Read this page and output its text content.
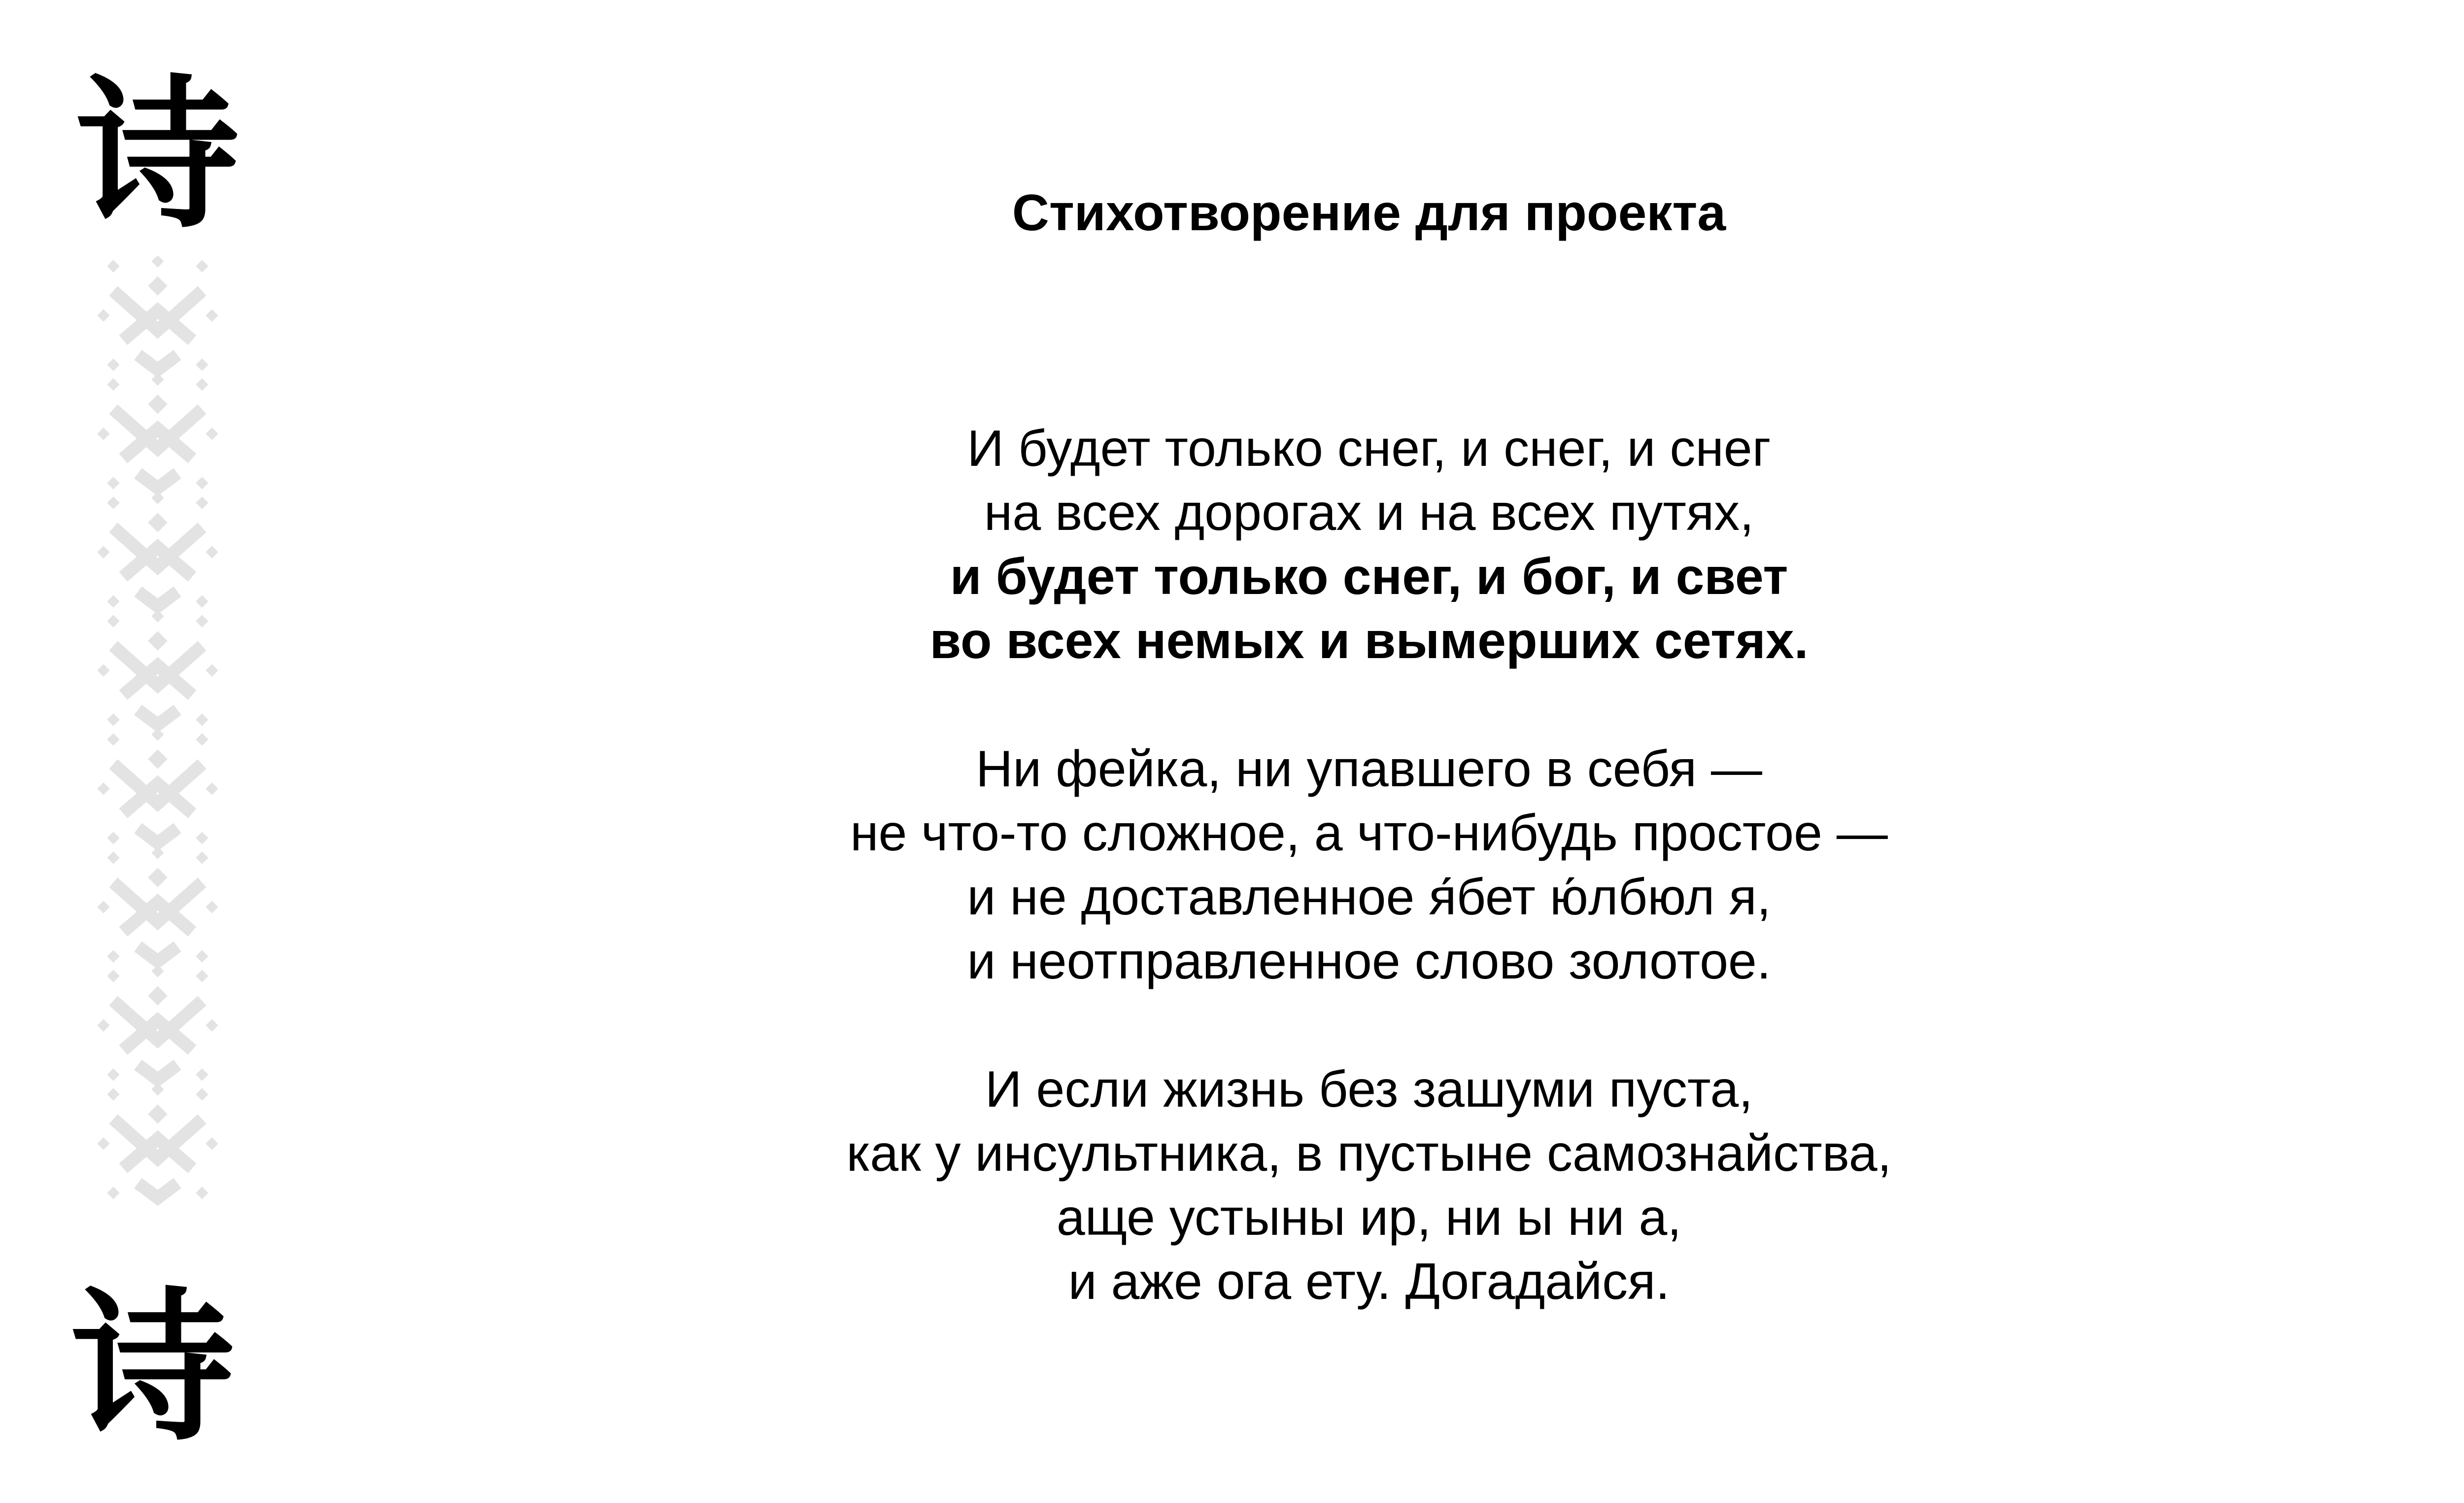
诗
诗
Стихотворение для проекта
И будет только снег, и снег, и снег
на всех дорогах и на всех путях,
и будет только снег, и бог, и свет
во всех немых и вымерших сетях.
Ни фейка, ни упавшего в себя —
не что-то сложное, а что-нибудь простое —
и не доставленное я́бет ю́лбюл я,
и неотправленное слово золотое.
И если жизнь без зашуми пуста,
как у инсультника, в пустыне самознайства,
аще устыны ир, ни ы ни а,
и аже ога ету. Догадайся.
